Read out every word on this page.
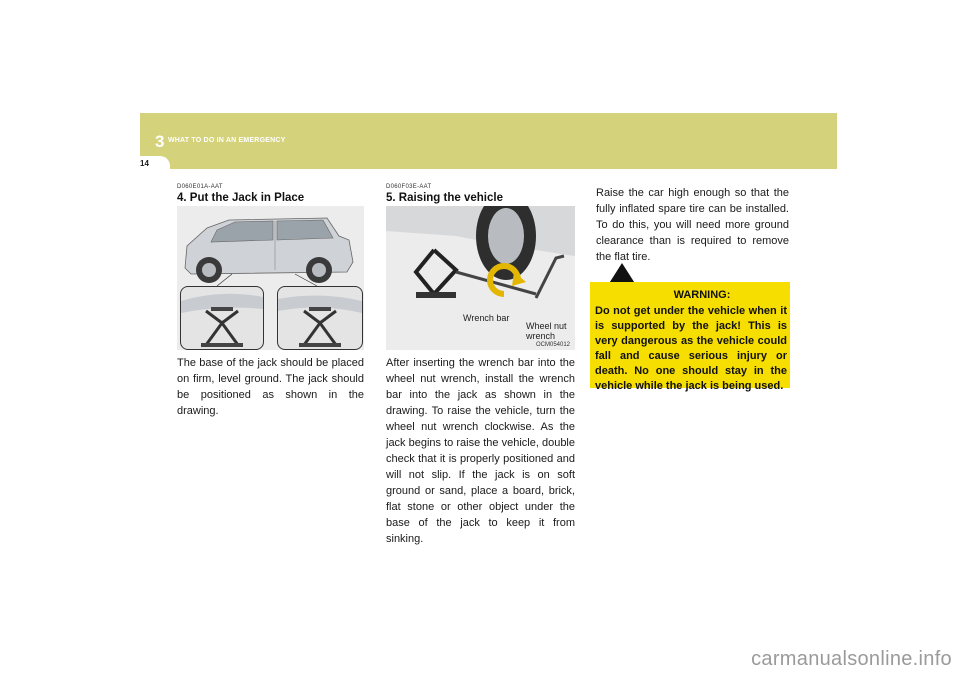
3 WHAT TO DO IN AN EMERGENCY
14
D060E01A-AAT
4. Put the Jack in Place

The base of the jack should be placed on firm, level ground. The jack should be positioned as shown in the drawing.

D060F03E-AAT
5. Raising the vehicle
Wrench bar
Wheel nut wrench
OCM054012

After inserting the wrench bar into the wheel nut wrench, install the wrench bar into the jack as shown in the drawing. To raise the vehicle, turn the wheel nut wrench clockwise. As the jack begins to raise the vehicle, double check that it is properly positioned and will not slip. If the jack is on soft ground or sand, place a board, brick, flat stone or other object under the base of the jack to keep it from sinking.

Raise the car high enough so that the fully inflated spare tire can be installed. To do this, you will need more ground clearance than is required to remove the flat tire.

WARNING:

Do not get under the vehicle when it is supported by the jack! This is very dangerous as the vehicle could fall and cause serious injury or death. No one should stay in the vehicle while the jack is being used.

carmanualsonline.info
